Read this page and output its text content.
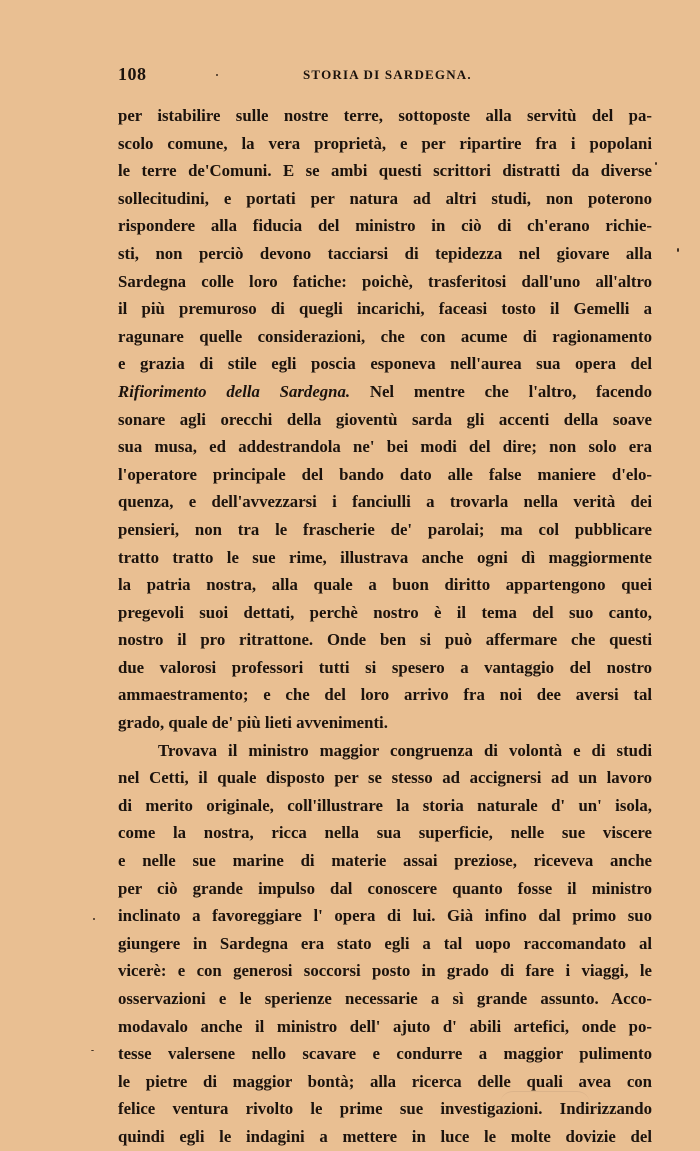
108	STORIA DI SARDEGNA.
per istabilire sulle nostre terre, sottoposte alla servitù del pa-
scolo comune, la vera proprietà, e per ripartire fra i popolani
le terre de'Comuni. E se ambi questi scrittori distratti da diverse
sollecitudini, e portati per natura ad altri studi, non poterono
rispondere alla fiducia del ministro in ciò di ch'erano richie-
sti, non perciò devono tacciarsi di tepidezza nel giovare alla
Sardegna colle loro fatiche: poichè, trasferitosi dall'uno all'altro
il più premuroso di quegli incarichi, faceasi tosto il Gemelli a
ragunare quelle considerazioni, che con acume di ragionamento
e grazia di stile egli poscia esponeva nell'aurea sua opera del
Rifiorimento della Sardegna. Nel mentre che l'altro, facendo
sonare agli orecchi della gioventù sarda gli accenti della soave
sua musa, ed addestrandola ne' bei modi del dire; non solo era
l'operatore principale del bando dato alle false maniere d'elo-
quenza, e dell'avvezzarsi i fanciulli a trovarla nella verità dei
pensieri, non tra le frascherie de' parolai; ma col pubblicare
tratto tratto le sue rime, illustrava anche ogni dì maggiormente
la patria nostra, alla quale a buon diritto appartengono quei
pregevoli suoi dettati, perchè nostro è il tema del suo canto,
nostro il pro ritrattone. Onde ben si può affermare che questi
due valorosi professori tutti si spesero a vantaggio del nostro
ammaestramento; e che del loro arrivo fra noi dee aversi tal
grado, quale de' più lieti avvenimenti.
Trovava il ministro maggior congruenza di volontà e di studi
nel Cetti, il quale disposto per se stesso ad accignersi ad un lavoro
di merito originale, coll'illustrare la storia naturale d' un' isola,
come la nostra, ricca nella sua superficie, nelle sue viscere
e nelle sue marine di materie assai preziose, riceveva anche
per ciò grande impulso dal conoscere quanto fosse il ministro
inclinato a favoreggiare l' opera di lui. Già infino dal primo suo
giungere in Sardegna era stato egli a tal uopo raccomandato al
vicerè: e con generosi soccorsi posto in grado di fare i viaggi, le
osservazioni e le sperienze necessarie a sì grande assunto. Acco-
modavalo anche il ministro dell' ajuto d' abili artefici, onde po-
tesse valersene nello scavare e condurre a maggior pulimento
le pietre di maggior bontà; alla ricerca delle quali avea con
felice ventura rivolto le prime sue investigazioni. Indirizzando
quindi egli le indagini a mettere in luce le molte dovizie del
